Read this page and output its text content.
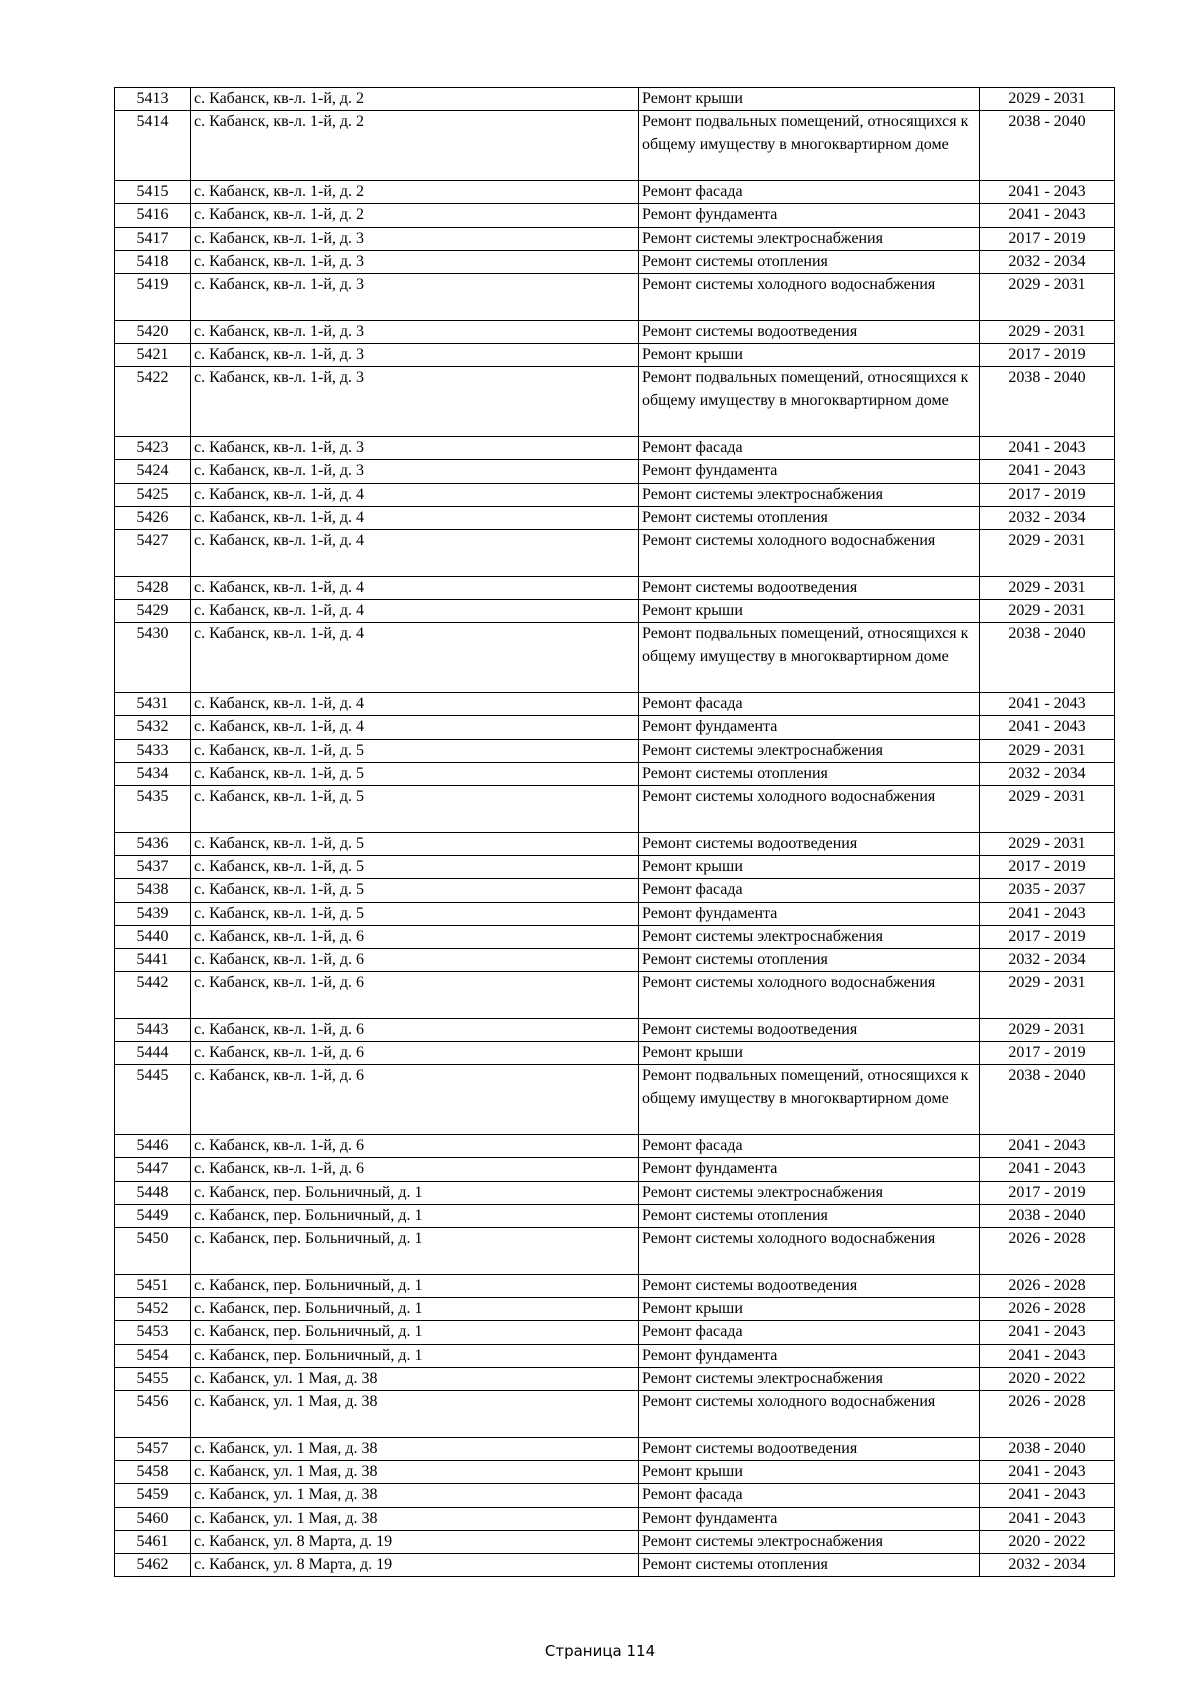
5413	с. Кабанск, кв-л. 1-й, д. 2	Ремонт крыши	2029 - 2031
5414	с. Кабанск, кв-л. 1-й, д. 2	Ремонт подвальных помещений, относящихся к общему имуществу в многоквартирном доме	2038 - 2040
5415	с. Кабанск, кв-л. 1-й, д. 2	Ремонт фасада	2041 - 2043
5416	с. Кабанск, кв-л. 1-й, д. 2	Ремонт фундамента	2041 - 2043
5417	с. Кабанск, кв-л. 1-й, д. 3	Ремонт системы электроснабжения	2017 - 2019
5418	с. Кабанск, кв-л. 1-й, д. 3	Ремонт системы отопления	2032 - 2034
5419	с. Кабанск, кв-л. 1-й, д. 3	Ремонт системы холодного водоснабжения	2029 - 2031
5420	с. Кабанск, кв-л. 1-й, д. 3	Ремонт системы водоотведения	2029 - 2031
5421	с. Кабанск, кв-л. 1-й, д. 3	Ремонт крыши	2017 - 2019
5422	с. Кабанск, кв-л. 1-й, д. 3	Ремонт подвальных помещений, относящихся к общему имуществу в многоквартирном доме	2038 - 2040
5423	с. Кабанск, кв-л. 1-й, д. 3	Ремонт фасада	2041 - 2043
5424	с. Кабанск, кв-л. 1-й, д. 3	Ремонт фундамента	2041 - 2043
5425	с. Кабанск, кв-л. 1-й, д. 4	Ремонт системы электроснабжения	2017 - 2019
5426	с. Кабанск, кв-л. 1-й, д. 4	Ремонт системы отопления	2032 - 2034
5427	с. Кабанск, кв-л. 1-й, д. 4	Ремонт системы холодного водоснабжения	2029 - 2031
5428	с. Кабанск, кв-л. 1-й, д. 4	Ремонт системы водоотведения	2029 - 2031
5429	с. Кабанск, кв-л. 1-й, д. 4	Ремонт крыши	2029 - 2031
5430	с. Кабанск, кв-л. 1-й, д. 4	Ремонт подвальных помещений, относящихся к общему имуществу в многоквартирном доме	2038 - 2040
5431	с. Кабанск, кв-л. 1-й, д. 4	Ремонт фасада	2041 - 2043
5432	с. Кабанск, кв-л. 1-й, д. 4	Ремонт фундамента	2041 - 2043
5433	с. Кабанск, кв-л. 1-й, д. 5	Ремонт системы электроснабжения	2029 - 2031
5434	с. Кабанск, кв-л. 1-й, д. 5	Ремонт системы отопления	2032 - 2034
5435	с. Кабанск, кв-л. 1-й, д. 5	Ремонт системы холодного водоснабжения	2029 - 2031
5436	с. Кабанск, кв-л. 1-й, д. 5	Ремонт системы водоотведения	2029 - 2031
5437	с. Кабанск, кв-л. 1-й, д. 5	Ремонт крыши	2017 - 2019
5438	с. Кабанск, кв-л. 1-й, д. 5	Ремонт фасада	2035 - 2037
5439	с. Кабанск, кв-л. 1-й, д. 5	Ремонт фундамента	2041 - 2043
5440	с. Кабанск, кв-л. 1-й, д. 6	Ремонт системы электроснабжения	2017 - 2019
5441	с. Кабанск, кв-л. 1-й, д. 6	Ремонт системы отопления	2032 - 2034
5442	с. Кабанск, кв-л. 1-й, д. 6	Ремонт системы холодного водоснабжения	2029 - 2031
5443	с. Кабанск, кв-л. 1-й, д. 6	Ремонт системы водоотведения	2029 - 2031
5444	с. Кабанск, кв-л. 1-й, д. 6	Ремонт крыши	2017 - 2019
5445	с. Кабанск, кв-л. 1-й, д. 6	Ремонт подвальных помещений, относящихся к общему имуществу в многоквартирном доме	2038 - 2040
5446	с. Кабанск, кв-л. 1-й, д. 6	Ремонт фасада	2041 - 2043
5447	с. Кабанск, кв-л. 1-й, д. 6	Ремонт фундамента	2041 - 2043
5448	с. Кабанск, пер. Больничный, д. 1	Ремонт системы электроснабжения	2017 - 2019
5449	с. Кабанск, пер. Больничный, д. 1	Ремонт системы отопления	2038 - 2040
5450	с. Кабанск, пер. Больничный, д. 1	Ремонт системы холодного водоснабжения	2026 - 2028
5451	с. Кабанск, пер. Больничный, д. 1	Ремонт системы водоотведения	2026 - 2028
5452	с. Кабанск, пер. Больничный, д. 1	Ремонт крыши	2026 - 2028
5453	с. Кабанск, пер. Больничный, д. 1	Ремонт фасада	2041 - 2043
5454	с. Кабанск, пер. Больничный, д. 1	Ремонт фундамента	2041 - 2043
5455	с. Кабанск, ул. 1 Мая, д. 38	Ремонт системы электроснабжения	2020 - 2022
5456	с. Кабанск, ул. 1 Мая, д. 38	Ремонт системы холодного водоснабжения	2026 - 2028
5457	с. Кабанск, ул. 1 Мая, д. 38	Ремонт системы водоотведения	2038 - 2040
5458	с. Кабанск, ул. 1 Мая, д. 38	Ремонт крыши	2041 - 2043
5459	с. Кабанск, ул. 1 Мая, д. 38	Ремонт фасада	2041 - 2043
5460	с. Кабанск, ул. 1 Мая, д. 38	Ремонт фундамента	2041 - 2043
5461	с. Кабанск, ул. 8 Марта, д. 19	Ремонт системы электроснабжения	2020 - 2022
5462	с. Кабанск, ул. 8 Марта, д. 19	Ремонт системы отопления	2032 - 2034
Страница 114
